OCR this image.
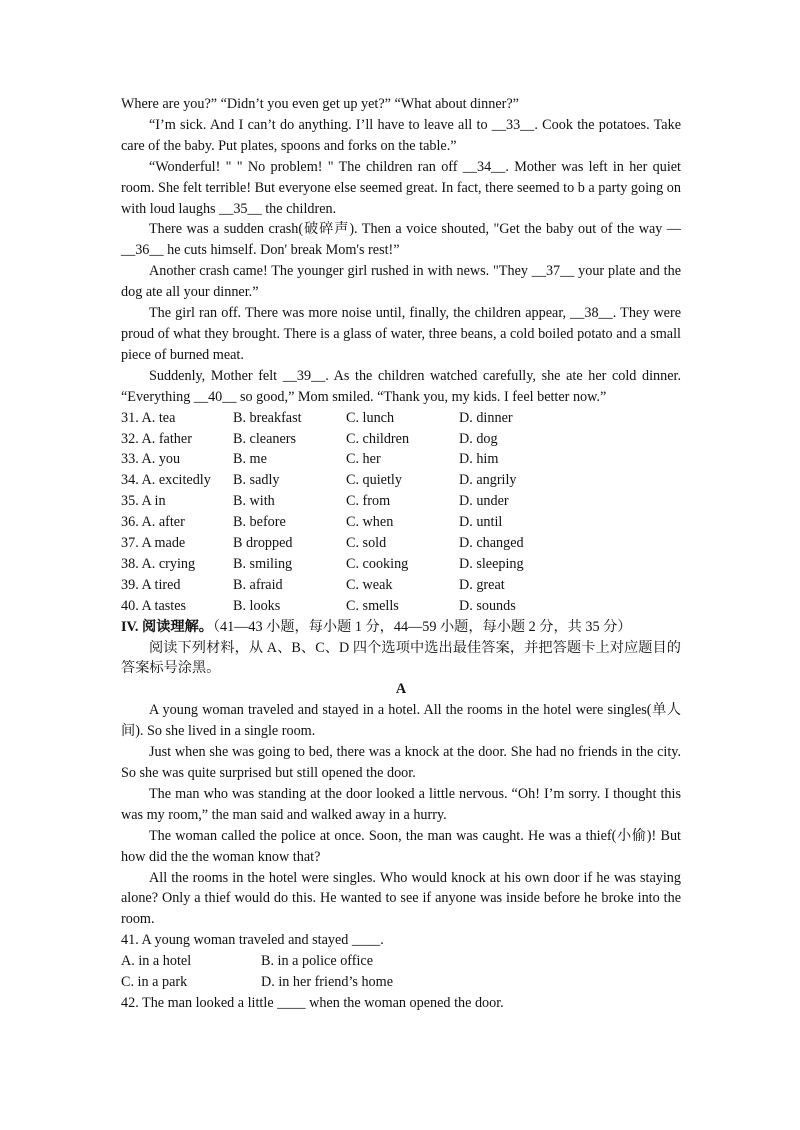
Where are you?” “Didn’t you even get up yet?” “What about dinner?”

“I’m sick. And I can’t do anything. I’ll have to leave all to __33__. Cook the potatoes. Take care of the baby. Put plates, spoons and forks on the table.”

“Wonderful! " " No problem! " The children ran off __34__. Mother was left in her quiet room. She felt terrible! But everyone else seemed great. In fact, there seemed to b a party going on with loud laughs __35__ the children.

There was a sudden crash(破碎声). Then a voice shouted, "Get the baby out of the way —__36__ he cuts himself. Don' break Mom's rest!”

Another crash came! The younger girl rushed in with news. "They __37__ your plate and the dog ate all your dinner.”

The girl ran off. There was more noise until, finally, the children appear, __38__. They were proud of what they brought. There is a glass of water, three beans, a cold boiled potato and a small piece of burned meat.

Suddenly, Mother felt __39__. As the children watched carefully, she ate her cold dinner. “Everything __40__ so good,” Mom smiled. “Thank you, my kids. I feel better now.”

31. A. tea	B. breakfast	C. lunch	D. dinner
32. A. father	B. cleaners	C. children	D. dog
33. A. you	B. me	C. her	D. him
34. A. excitedly	B. sadly	C. quietly	D. angrily
35. A in	B. with	C. from	D. under
36. A. after	B. before	C. when	D. until
37. A made	B dropped	C. sold	D. changed
38. A. crying	B. smiling	C. cooking	D. sleeping
39. A tired	B. afraid	C. weak	D. great
40. A tastes	B. looks	C. smells	D. sounds

IV. 阅读理解。（41—43 小题，每小题 1 分，44—59 小题，每小题 2 分，共 35 分）

阅读下列材料，从 A、B、C、D 四个选项中选出最佳答案，并把答题卡上对应题目的答案标号涂黑。

A

A young woman traveled and stayed in a hotel. All the rooms in the hotel were singles(单人间). So she lived in a single room.

Just when she was going to bed, there was a knock at the door. She had no friends in the city. So she was quite surprised but still opened the door.

The man who was standing at the door looked a little nervous. “Oh! I’m sorry. I thought this was my room,” the man said and walked away in a hurry.

The woman called the police at once. Soon, the man was caught. He was a thief(小偷)! But how did the the woman know that?

All the rooms in the hotel were singles. Who would knock at his own door if he was staying alone? Only a thief would do this. He wanted to see if anyone was inside before he broke into the room.

41. A young woman traveled and stayed ____.

A. in a hotel	B. in a police office
C. in a park	D. in her friend’s home

42. The man looked a little ____ when the woman opened the door.
